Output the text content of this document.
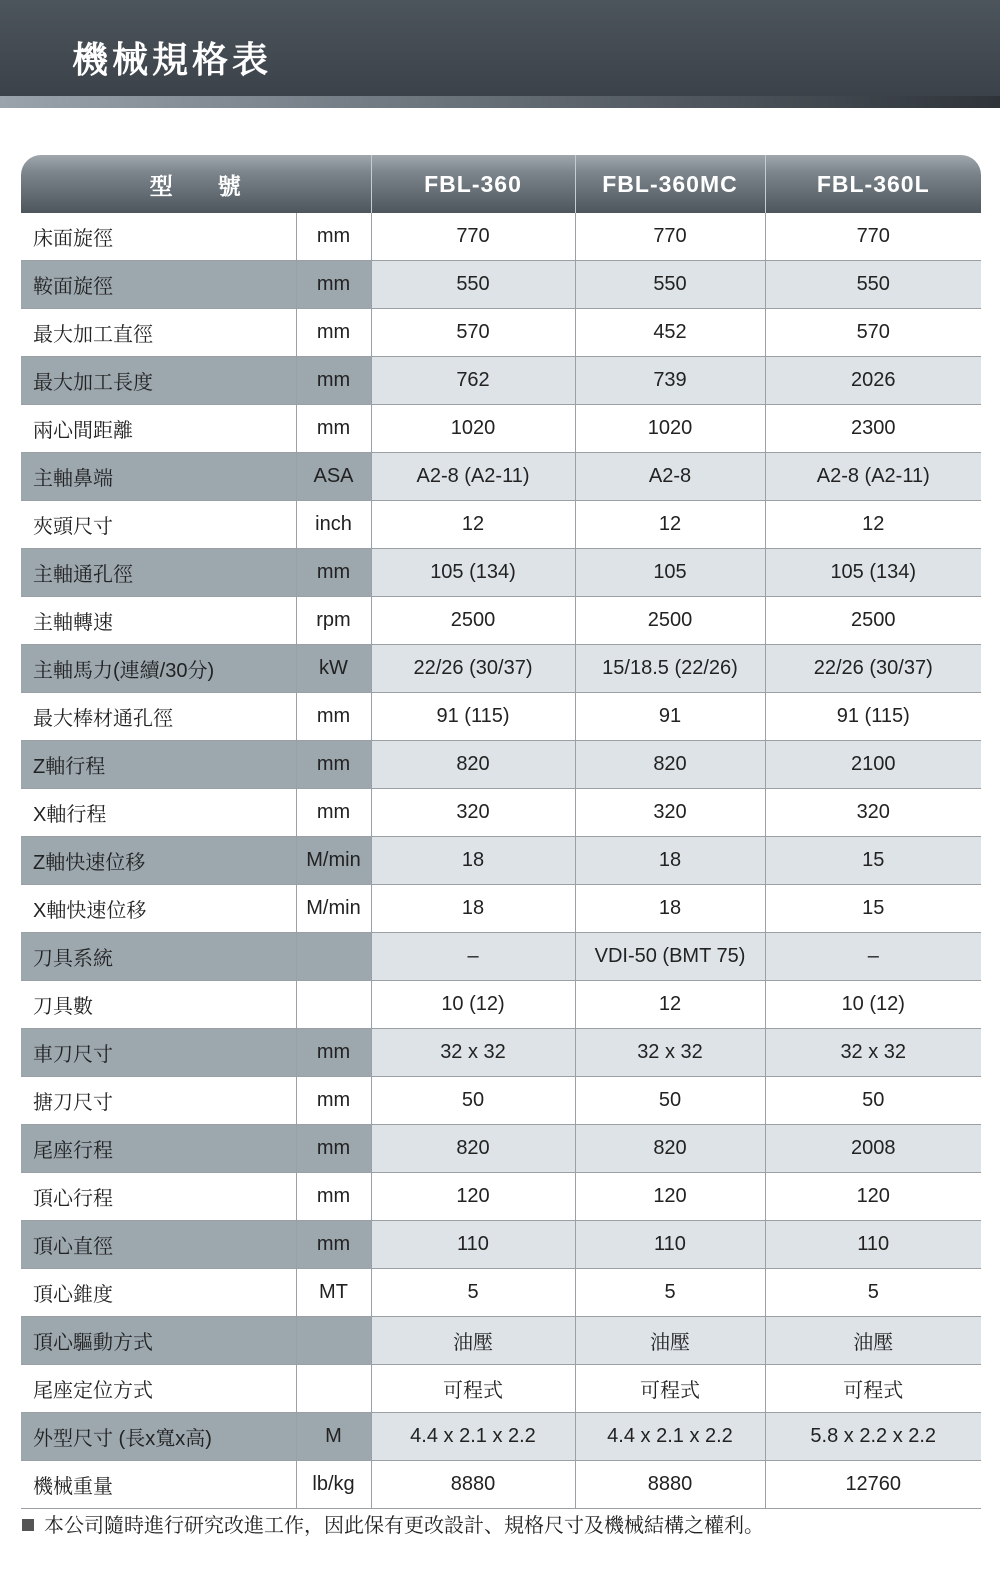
機械規格表
型 號		FBL-360	FBL-360MC	FBL-360L
床面旋徑	mm	770	770	770
鞍面旋徑	mm	550	550	550
最大加工直徑	mm	570	452	570
最大加工長度	mm	762	739	2026
兩心間距離	mm	1020	1020	2300
主軸鼻端	ASA	A2-8 (A2-11)	A2-8	A2-8 (A2-11)
夾頭尺寸	inch	12	12	12
主軸通孔徑	mm	105 (134)	105	105 (134)
主軸轉速	rpm	2500	2500	2500
主軸馬力(連續/30分)	kW	22/26 (30/37)	15/18.5 (22/26)	22/26 (30/37)
最大棒材通孔徑	mm	91 (115)	91	91 (115)
Z軸行程	mm	820	820	2100
X軸行程	mm	320	320	320
Z軸快速位移	M/min	18	18	15
X軸快速位移	M/min	18	18	15
刀具系統		–	VDI-50 (BMT 75)	–
刀具數		10 (12)	12	10 (12)
車刀尺寸	mm	32 x 32	32 x 32	32 x 32
搪刀尺寸	mm	50	50	50
尾座行程	mm	820	820	2008
頂心行程	mm	120	120	120
頂心直徑	mm	110	110	110
頂心錐度	MT	5	5	5
頂心驅動方式		油壓	油壓	油壓
尾座定位方式		可程式	可程式	可程式
外型尺寸 (長x寬x高)	M	4.4 x 2.1 x 2.2	4.4 x 2.1 x 2.2	5.8 x 2.2 x 2.2
機械重量	lb/kg	8880	8880	12760
本公司隨時進行研究改進工作，因此保有更改設計、規格尺寸及機械結構之權利。
